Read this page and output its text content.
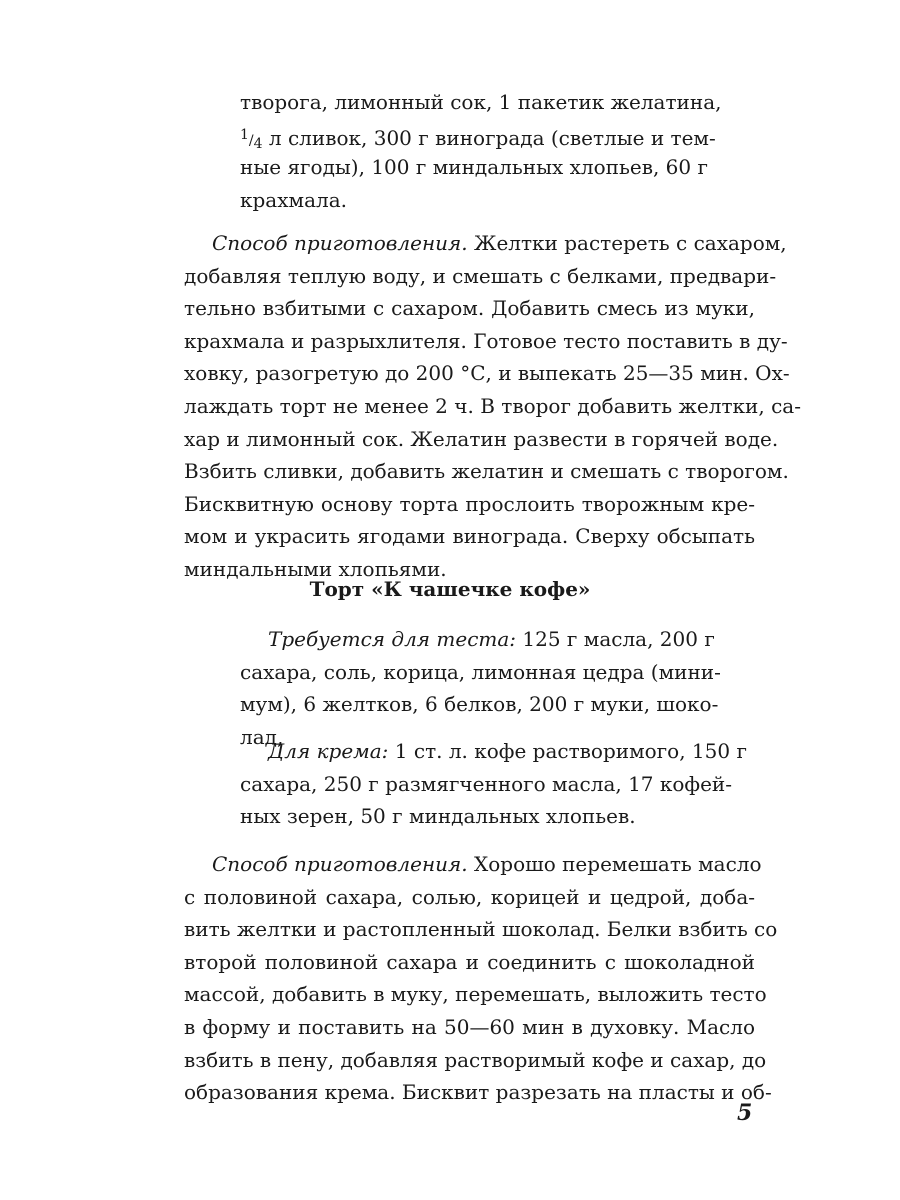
творога, лимонный сок, 1 пакетик желатина,
1/4 л сливок, 300 г винограда (светлые и тем-
ные ягоды), 100 г миндальных хлопьев, 60 г
крахмала.
Способ приготовления. Желтки растереть с сахаром,
добавляя теплую воду, и смешать с белками, предвари-
тельно взбитыми с сахаром. Добавить смесь из муки,
крахмала и разрыхлителя. Готовое тесто поставить в ду-
ховку, разогретую до 200 °С, и выпекать 25—35 мин. Ох-
лаждать торт не менее 2 ч. В творог добавить желтки, са-
хар и лимонный сок. Желатин развести в горячей воде.
Взбить сливки, добавить желатин и смешать с творогом.
Бисквитную основу торта прослоить творожным кре-
мом и украсить ягодами винограда. Сверху обсыпать
миндальными хлопьями.
Торт «К чашечке кофе»
Требуется для теста: 125 г масла, 200 г
сахара, соль, корица, лимонная цедра (мини-
мум), 6 желтков, 6 белков, 200 г муки, шоко-
лад,
Для крема: 1 ст. л. кофе растворимого, 150 г
сахара, 250 г размягченного масла, 17 кофей-
ных зерен, 50 г миндальных хлопьев.
Способ приготовления. Хорошо перемешать масло
с половиной сахара, солью, корицей и цедрой, доба-
вить желтки и растопленный шоколад. Белки взбить со
второй половиной сахара и соединить с шоколадной
массой, добавить в муку, перемешать, выложить тесто
в форму и поставить на 50—60 мин в духовку. Масло
взбить в пену, добавляя растворимый кофе и сахар, до
образования крема. Бисквит разрезать на пласты и об-
5
